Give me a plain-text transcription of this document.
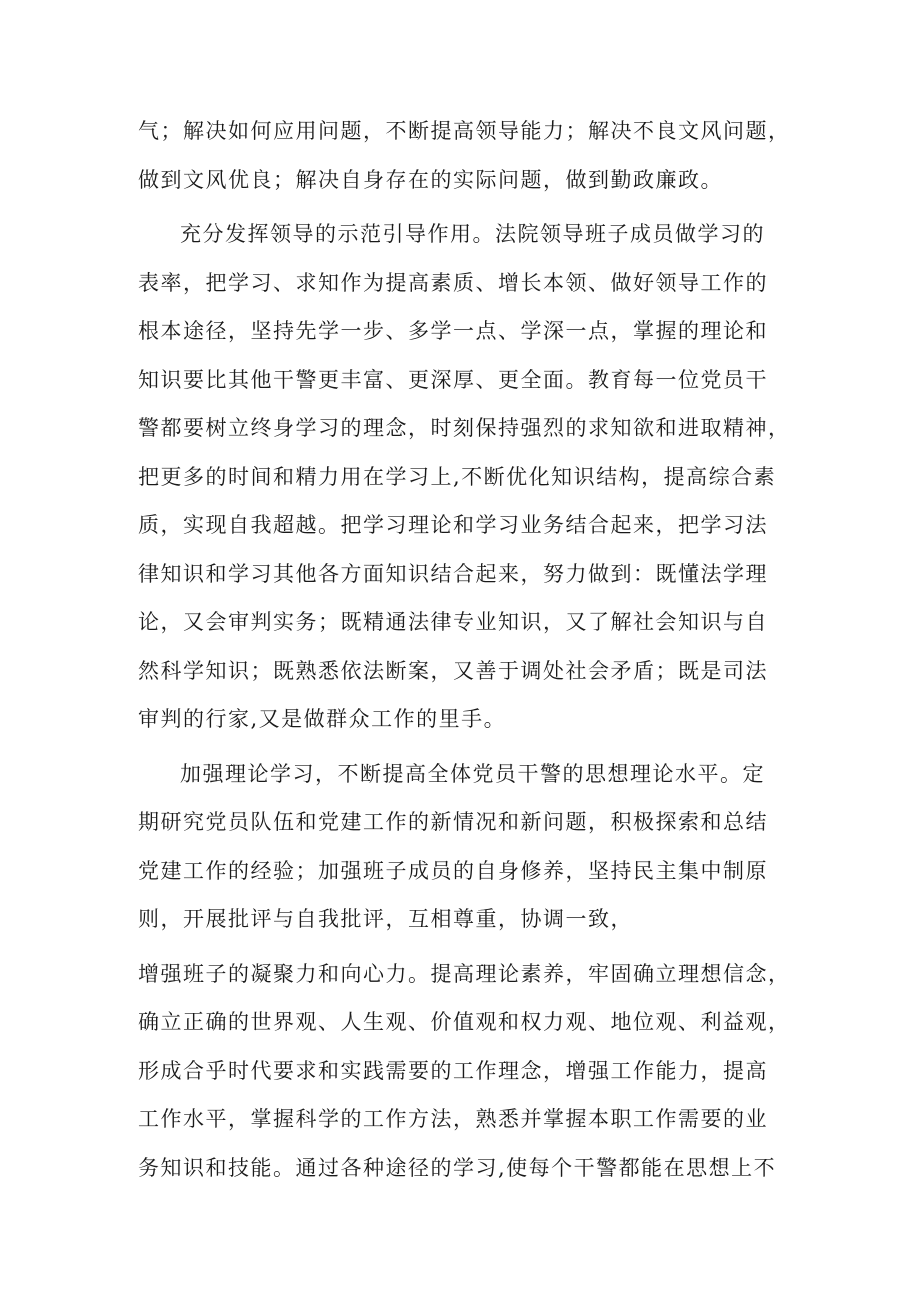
气；解决如何应用问题，不断提高领导能力；解决不良文风问题，
做到文风优良；解决自身存在的实际问题，做到勤政廉政。
充分发挥领导的示范引导作用。法院领导班子成员做学习的
表率，把学习、求知作为提高素质、增长本领、做好领导工作的
根本途径，坚持先学一步、多学一点、学深一点，掌握的理论和
知识要比其他干警更丰富、更深厚、更全面。教育每一位党员干
警都要树立终身学习的理念，时刻保持强烈的求知欲和进取精神，
把更多的时间和精力用在学习上,不断优化知识结构，提高综合素
质，实现自我超越。把学习理论和学习业务结合起来，把学习法
律知识和学习其他各方面知识结合起来，努力做到：既懂法学理
论，又会审判实务；既精通法律专业知识，又了解社会知识与自
然科学知识；既熟悉依法断案，又善于调处社会矛盾；既是司法
审判的行家,又是做群众工作的里手。
加强理论学习，不断提高全体党员干警的思想理论水平。定
期研究党员队伍和党建工作的新情况和新问题，积极探索和总结
党建工作的经验；加强班子成员的自身修养，坚持民主集中制原
则，开展批评与自我批评，互相尊重，协调一致，
增强班子的凝聚力和向心力。提高理论素养，牢固确立理想信念，
确立正确的世界观、人生观、价值观和权力观、地位观、利益观，
形成合乎时代要求和实践需要的工作理念，增强工作能力，提高
工作水平，掌握科学的工作方法，熟悉并掌握本职工作需要的业
务知识和技能。通过各种途径的学习,使每个干警都能在思想上不
